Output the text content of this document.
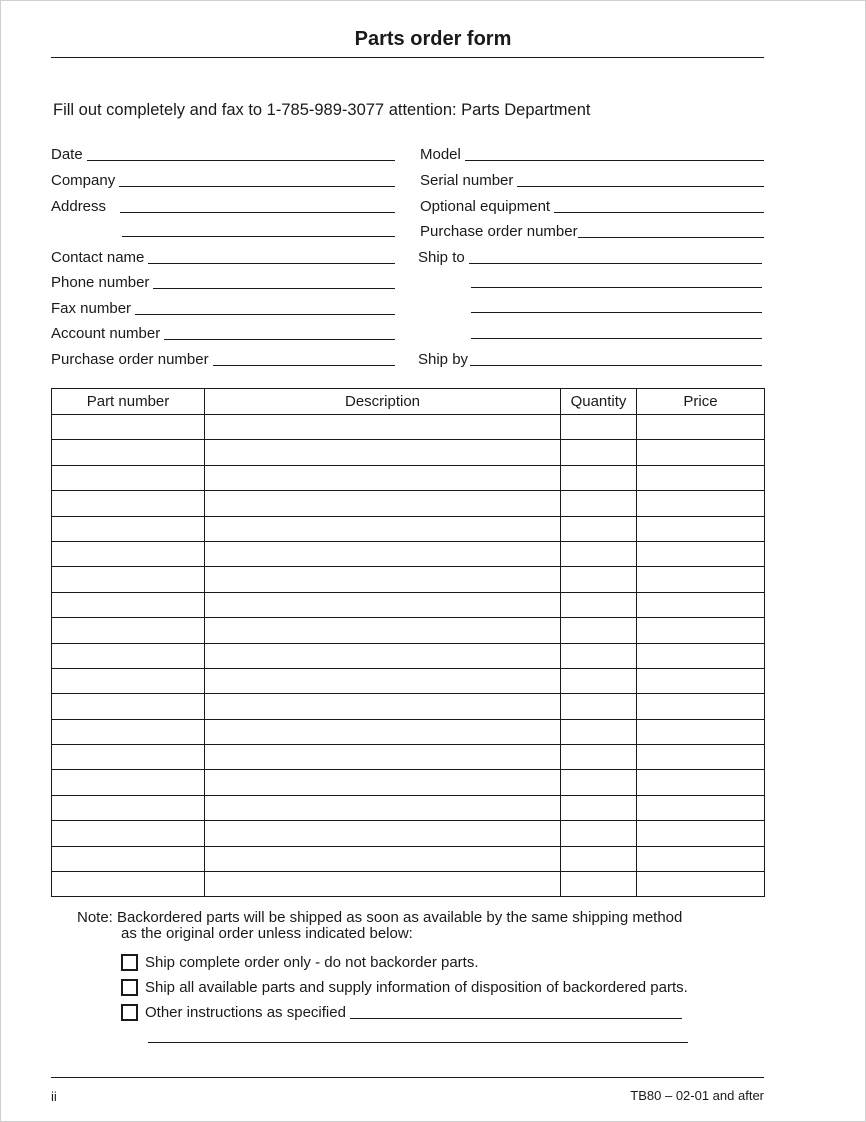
Parts order form
Fill out completely and fax to 1-785-989-3077 attention: Parts Department
Date
Company
Address
Contact name
Phone number
Fax number
Account number
Purchase order number
Model
Serial number
Optional equipment
Purchase order number
Ship to
Ship by
Part number	Description	Quantity	Price

Note: Backordered parts will be shipped as soon as available by the same shipping method
as the original order unless indicated below:
Ship complete order only - do not backorder parts.
Ship all available parts and supply information of disposition of backordered parts.
Other instructions as specified
ii	TB80 – 02-01 and after
